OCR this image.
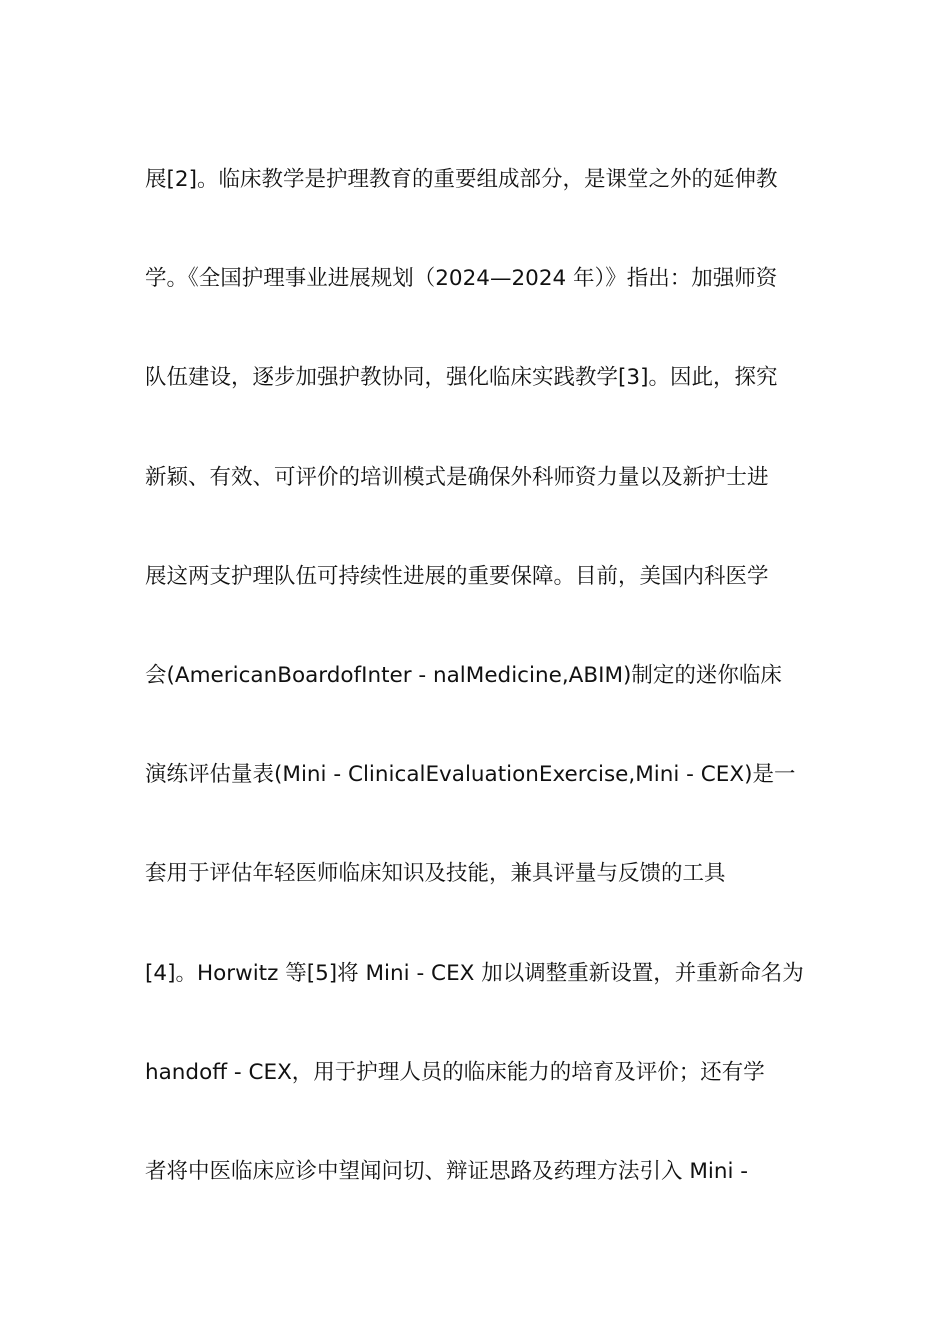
展[2]。临床教学是护理教育的重要组成部分，是课堂之外的延伸教
学。《全国护理事业进展规划（2024—2024 年）》指出：加强师资
队伍建设，逐步加强护教协同，强化临床实践教学[3]。因此，探究
新颖、有效、可评价的培训模式是确保外科师资力量以及新护士进
展这两支护理队伍可持续性进展的重要保障。目前，美国内科医学
会(AmericanBoardofInter - nalMedicine,ABIM)制定的迷你临床
演练评估量表(Mini - ClinicalEvaluationExercise,Mini - CEX)是一
套用于评估年轻医师临床知识及技能，兼具评量与反馈的工具
[4]。Horwitz 等[5]将 Mini - CEX 加以调整重新设置，并重新命名为
handoff - CEX，用于护理人员的临床能力的培育及评价；还有学
者将中医临床应诊中望闻问切、辩证思路及药理方法引入 Mini -
